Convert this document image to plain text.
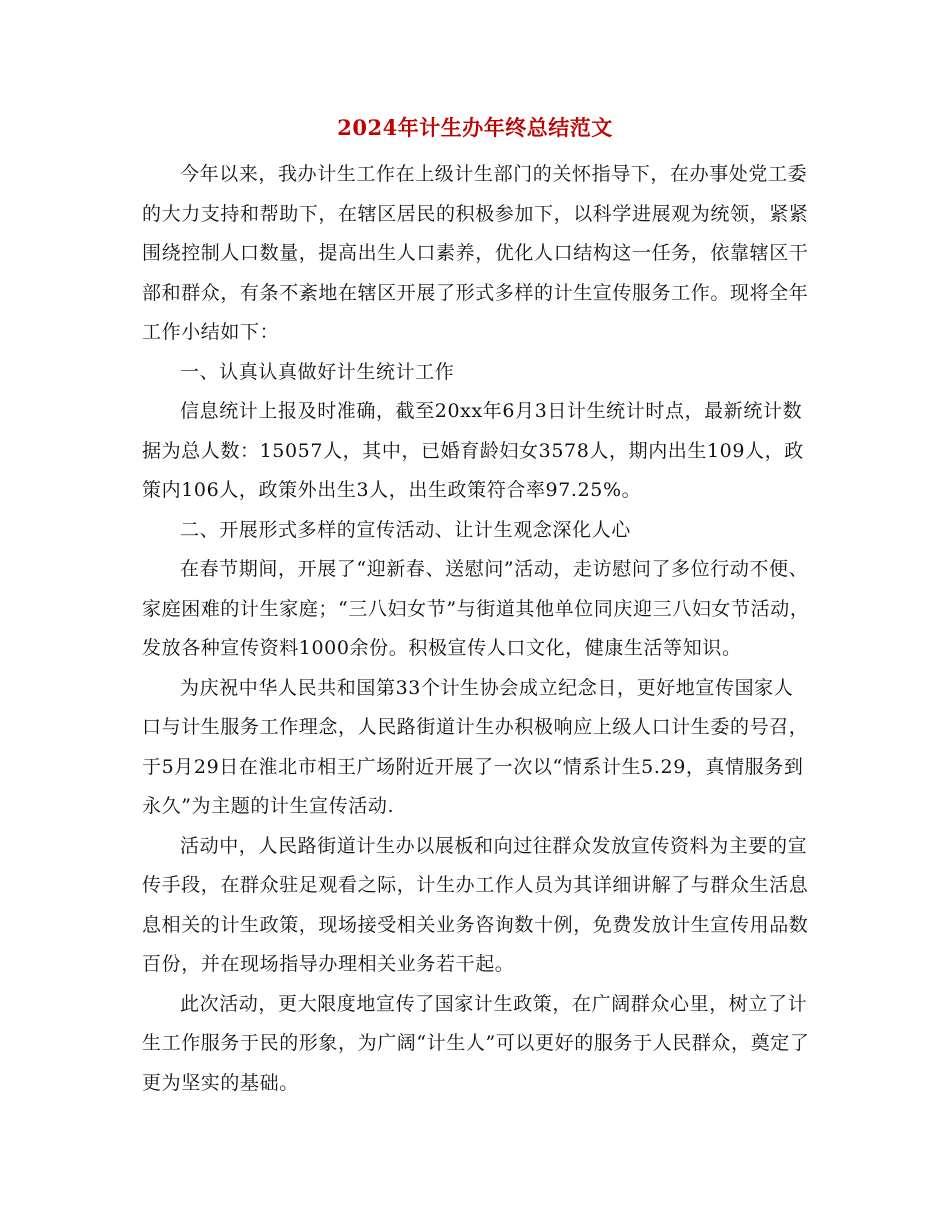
2024年计生办年终总结范文

今年以来，我办计生工作在上级计生部门的关怀指导下，在办事处党工委的大力支持和帮助下，在辖区居民的积极参加下，以科学进展观为统领，紧紧围绕控制人口数量，提高出生人口素养，优化人口结构这一任务，依靠辖区干部和群众，有条不紊地在辖区开展了形式多样的计生宣传服务工作。现将全年工作小结如下：

一、认真认真做好计生统计工作

信息统计上报及时准确，截至20xx年6月3日计生统计时点，最新统计数据为总人数：15057人，其中，已婚育龄妇女3578人，期内出生109人，政策内106人，政策外出生3人，出生政策符合率97.25%。

二、开展形式多样的宣传活动、让计生观念深化人心

在春节期间，开展了“迎新春、送慰问”活动，走访慰问了多位行动不便、家庭困难的计生家庭；“三八妇女节”与街道其他单位同庆迎三八妇女节活动，发放各种宣传资料1000余份。积极宣传人口文化，健康生活等知识。

为庆祝中华人民共和国第33个计生协会成立纪念日，更好地宣传国家人口与计生服务工作理念，人民路街道计生办积极响应上级人口计生委的号召，于5月29日在淮北市相王广场附近开展了一次以“情系计生5.29，真情服务到永久”为主题的计生宣传活动.

活动中，人民路街道计生办以展板和向过往群众发放宣传资料为主要的宣传手段，在群众驻足观看之际，计生办工作人员为其详细讲解了与群众生活息息相关的计生政策，现场接受相关业务咨询数十例，免费发放计生宣传用品数百份，并在现场指导办理相关业务若干起。

此次活动，更大限度地宣传了国家计生政策，在广阔群众心里，树立了计生工作服务于民的形象，为广阔“计生人”可以更好的服务于人民群众，奠定了更为坚实的基础。
